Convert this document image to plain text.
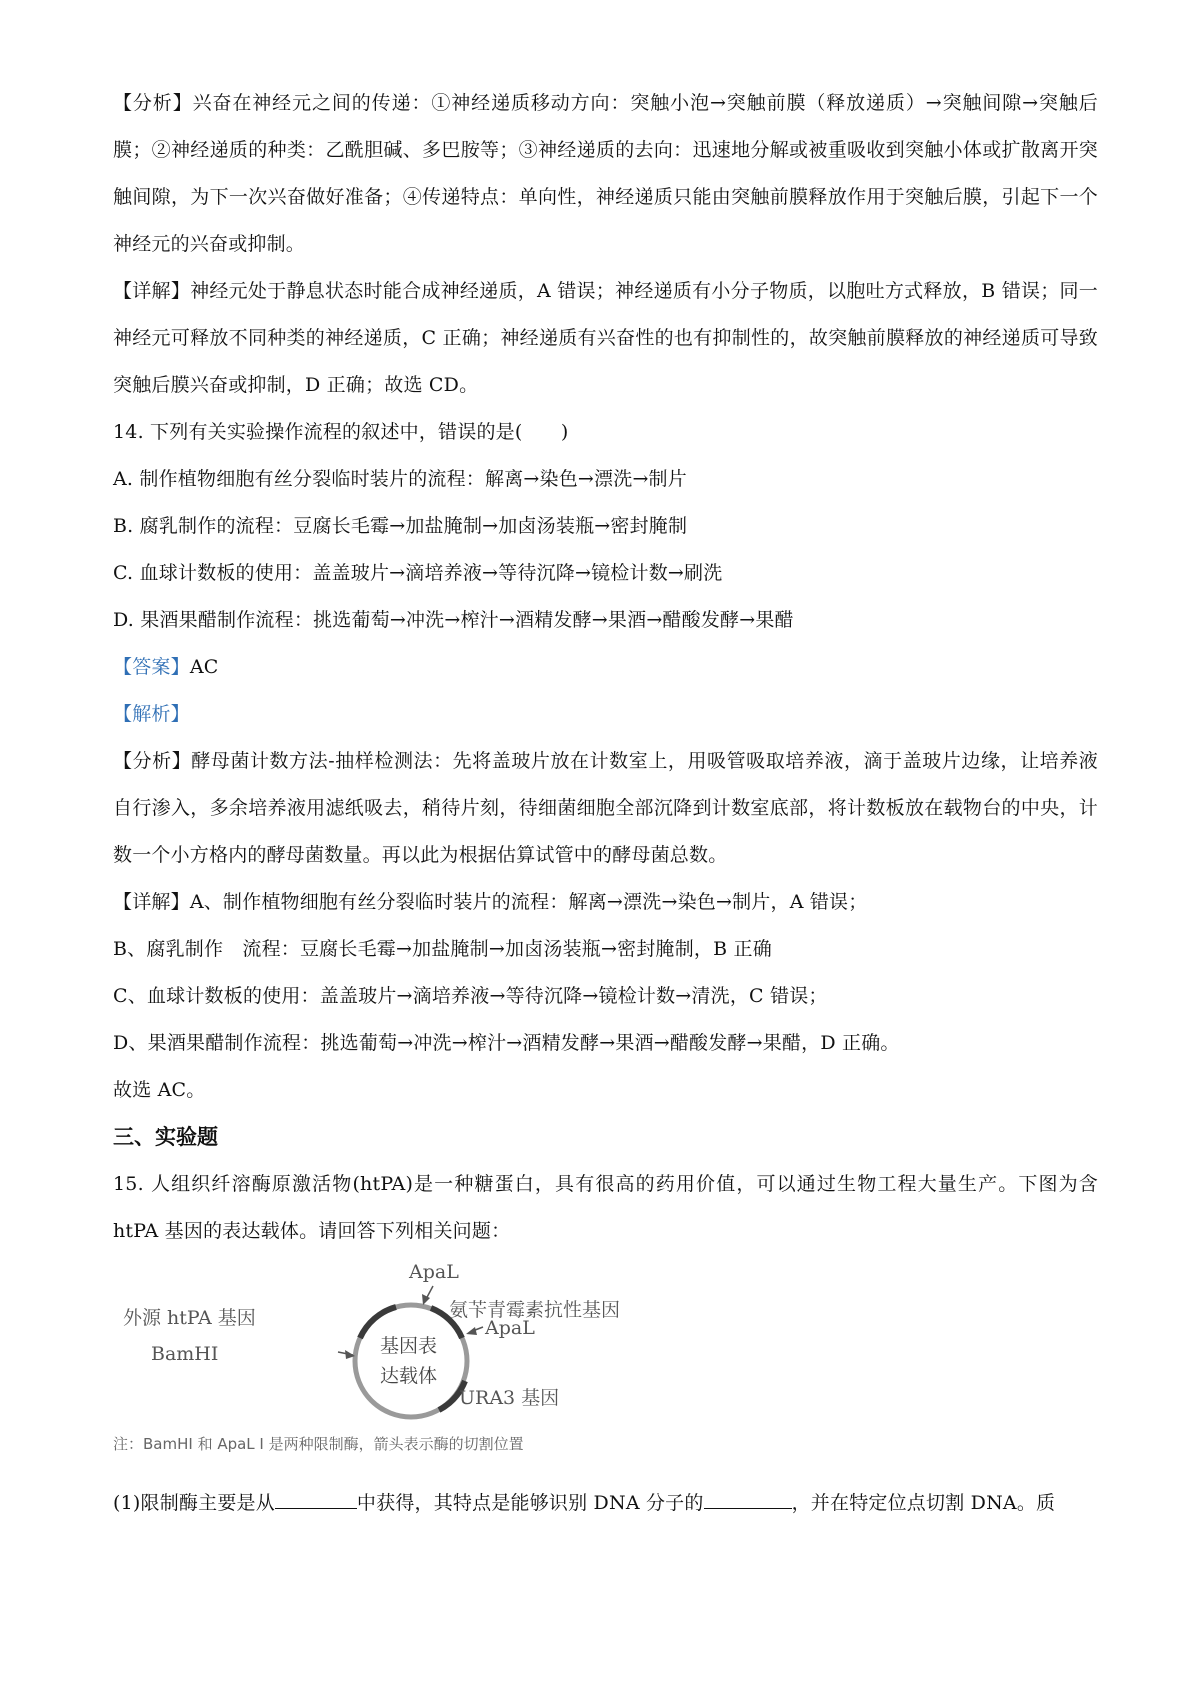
【分析】兴奋在神经元之间的传递：①神经递质移动方向：突触小泡→突触前膜（释放递质）→突触间隙→突触后膜；②神经递质的种类：乙酰胆碱、多巴胺等；③神经递质的去向：迅速地分解或被重吸收到突触小体或扩散离开突触间隙，为下一次兴奋做好准备；④传递特点：单向性，神经递质只能由突触前膜释放作用于突触后膜，引起下一个神经元的兴奋或抑制。

【详解】神经元处于静息状态时能合成神经递质，A 错误；神经递质有小分子物质，以胞吐方式释放，B 错误；同一神经元可释放不同种类的神经递质，C 正确；神经递质有兴奋性的也有抑制性的，故突触前膜释放的神经递质可导致突触后膜兴奋或抑制，D 正确；故选 CD。

14. 下列有关实验操作流程的叙述中，错误的是(　　)

A. 制作植物细胞有丝分裂临时装片的流程：解离→染色→漂洗→制片

B. 腐乳制作的流程：豆腐长毛霉→加盐腌制→加卤汤装瓶→密封腌制

C. 血球计数板的使用：盖盖玻片→滴培养液→等待沉降→镜检计数→刷洗

D. 果酒果醋制作流程：挑选葡萄→冲洗→榨汁→酒精发酵→果酒→醋酸发酵→果醋

【答案】AC

【解析】

【分析】酵母菌计数方法-抽样检测法：先将盖玻片放在计数室上，用吸管吸取培养液，滴于盖玻片边缘，让培养液自行渗入，多余培养液用滤纸吸去，稍待片刻，待细菌细胞全部沉降到计数室底部，将计数板放在载物台的中央，计数一个小方格内的酵母菌数量。再以此为根据估算试管中的酵母菌总数。

【详解】A、制作植物细胞有丝分裂临时装片的流程：解离→漂洗→染色→制片，A 错误；

B、腐乳制作　流程：豆腐长毛霉→加盐腌制→加卤汤装瓶→密封腌制，B 正确

C、血球计数板的使用：盖盖玻片→滴培养液→等待沉降→镜检计数→清洗，C 错误；

D、果酒果醋制作流程：挑选葡萄→冲洗→榨汁→酒精发酵→果酒→醋酸发酵→果醋，D 正确。

故选 AC。

三、实验题

15. 人组织纤溶酶原激活物(htPA)是一种糖蛋白，具有很高的药用价值，可以通过生物工程大量生产。下图为含 htPA 基因的表达载体。请回答下列相关问题：

外源 htPA 基因
BamHI
ApaL
氨苄青霉素抗性基因
ApaL
URA3 基因
基因表
达载体
注：BamHI 和 ApaL I 是两种限制酶，箭头表示酶的切割位置

(1)限制酶主要是从	中获得，其特点是能够识别 DNA 分子的	，并在特定位点切割 DNA。质
